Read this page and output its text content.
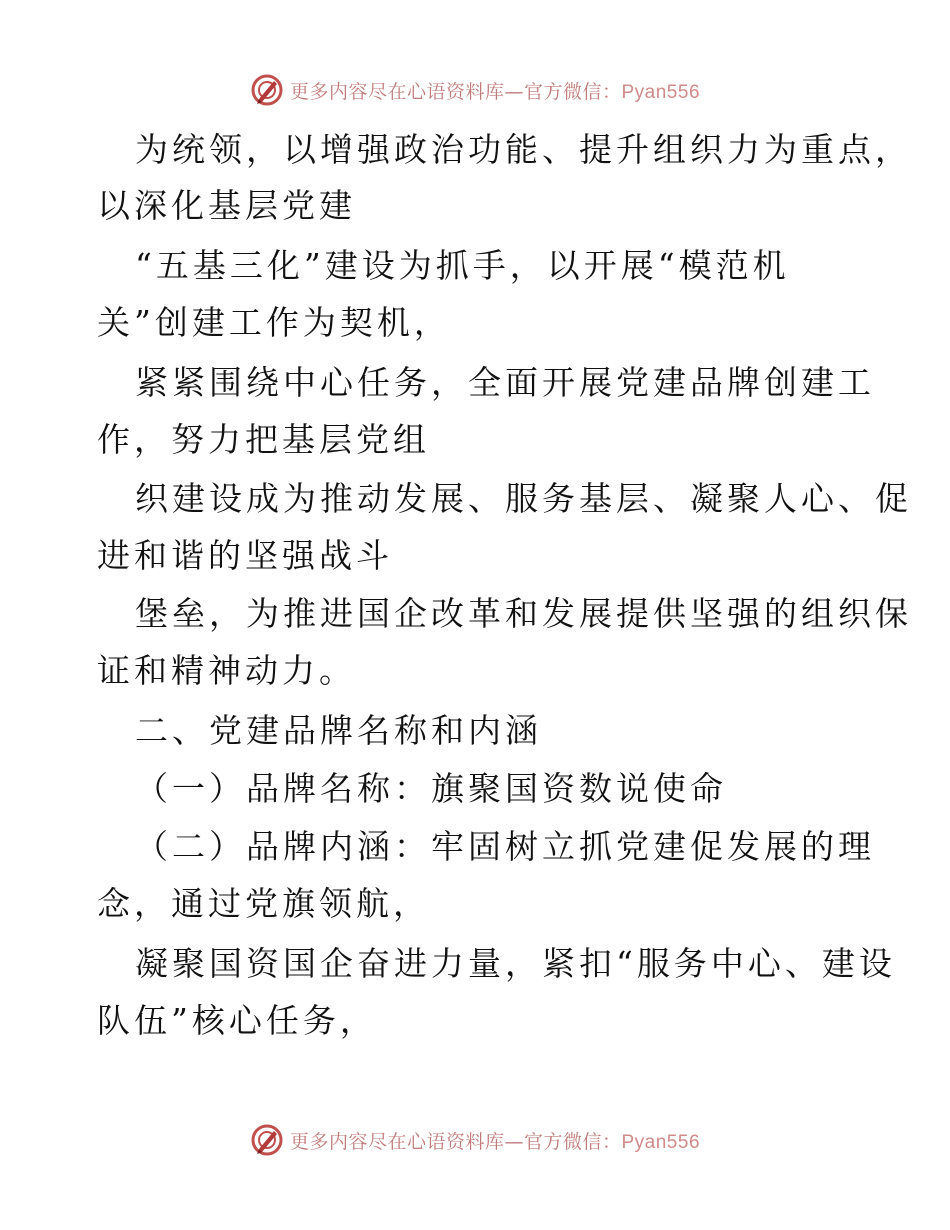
更多内容尽在心语资料库—官方微信：Pyan556
为统领，以增强政治功能、提升组织力为重点，
以深化基层党建
“五基三化”建设为抓手，以开展“模范机
关”创建工作为契机，
紧紧围绕中心任务，全面开展党建品牌创建工
作，努力把基层党组
织建设成为推动发展、服务基层、凝聚人心、促
进和谐的坚强战斗
堡垒，为推进国企改革和发展提供坚强的组织保
证和精神动力。
二、党建品牌名称和内涵
（一）品牌名称：旗聚国资数说使命
（二）品牌内涵：牢固树立抓党建促发展的理
念，通过党旗领航，
凝聚国资国企奋进力量，紧扣“服务中心、建设
队伍”核心任务，
更多内容尽在心语资料库—官方微信：Pyan556
